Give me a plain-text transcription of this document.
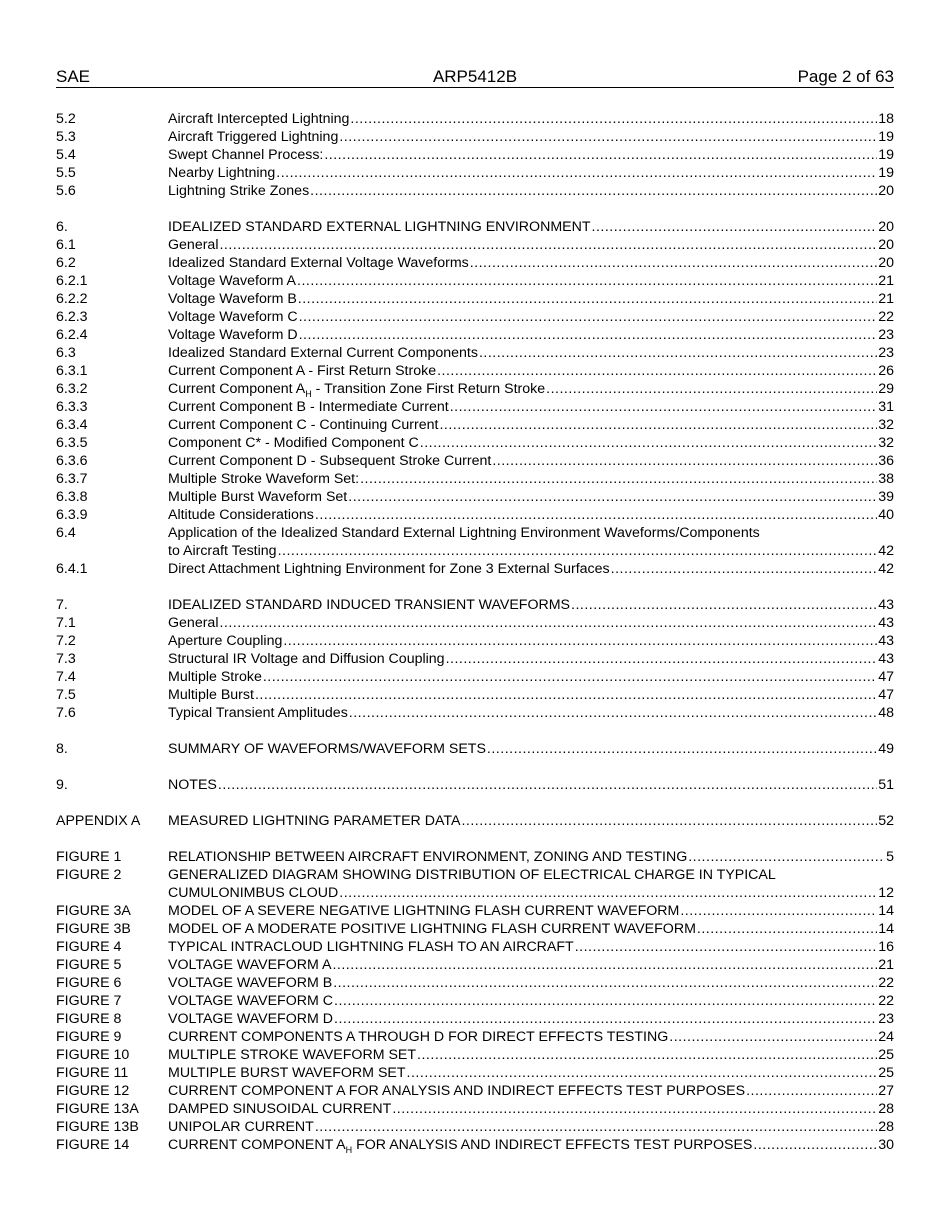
ARP5412B
SAE	Page 2 of 63
5.2	Aircraft Intercepted Lightning .....	18
5.3	Aircraft Triggered Lightning .....	19
5.4	Swept Channel Process: .....	19
5.5	Nearby Lightning .....	19
5.6	Lightning Strike Zones .....	20
6.	IDEALIZED STANDARD EXTERNAL LIGHTNING ENVIRONMENT .....	20
6.1	General .....	20
6.2	Idealized Standard External Voltage Waveforms .....	20
6.2.1	Voltage Waveform A .....	21
6.2.2	Voltage Waveform B .....	21
6.2.3	Voltage Waveform C .....	22
6.2.4	Voltage Waveform D .....	23
6.3	Idealized Standard External Current Components .....	23
6.3.1	Current Component A - First Return Stroke .....	26
6.3.2	Current Component $A_H$ - Transition Zone First Return Stroke .....	29
6.3.3	Current Component B - Intermediate Current .....	31
6.3.4	Current Component C - Continuing Current .....	32
6.3.5	Component C* - Modified Component C .....	32
6.3.6	Current Component D - Subsequent Stroke Current .....	36
6.3.7	Multiple Stroke Waveform Set: .....	38
6.3.8	Multiple Burst Waveform Set .....	39
6.3.9	Altitude Considerations .....	40
6.4	Application of the Idealized Standard External Lightning Environment Waveforms/Components
to Aircraft Testing .....	42
6.4.1	Direct Attachment Lightning Environment for Zone 3 External Surfaces .....	42
7.	IDEALIZED STANDARD INDUCED TRANSIENT WAVEFORMS .....	43
7.1	General .....	43
7.2	Aperture Coupling .....	43
7.3	Structural IR Voltage and Diffusion Coupling .....	43
7.4	Multiple Stroke .....	47
7.5	Multiple Burst .....	47
7.6	Typical Transient Amplitudes .....	48
8.	SUMMARY OF WAVEFORMS/WAVEFORM SETS .....	49
9.	NOTES .....	51
APPENDIX A MEASURED LIGHTNING PARAMETER DATA .....	52
FIGURE 1	RELATIONSHIP BETWEEN AIRCRAFT ENVIRONMENT, ZONING AND TESTING .....	5
FIGURE 2	GENERALIZED DIAGRAM SHOWING DISTRIBUTION OF ELECTRICAL CHARGE IN TYPICAL
CUMULONIMBUS CLOUD .....	12
FIGURE 3A	MODEL OF A SEVERE NEGATIVE LIGHTNING FLASH CURRENT WAVEFORM .....	14
FIGURE 3B	MODEL OF A MODERATE POSITIVE LIGHTNING FLASH CURRENT WAVEFORM .....	14
FIGURE 4	TYPICAL INTRACLOUD LIGHTNING FLASH TO AN AIRCRAFT .....	16
FIGURE 5	VOLTAGE WAVEFORM A .....	21
FIGURE 6	VOLTAGE WAVEFORM B .....	22
FIGURE 7	VOLTAGE WAVEFORM C .....	22
FIGURE 8	VOLTAGE WAVEFORM D .....	23
FIGURE 9	CURRENT COMPONENTS A THROUGH D FOR DIRECT EFFECTS TESTING .....	24
FIGURE 10	MULTIPLE STROKE WAVEFORM SET .....	25
FIGURE 11	MULTIPLE BURST WAVEFORM SET .....	25
FIGURE 12	CURRENT COMPONENT A FOR ANALYSIS AND INDIRECT EFFECTS TEST PURPOSES .....	27
FIGURE 13A DAMPED SINUSOIDAL CURRENT .....	28
FIGURE 13B UNIPOLAR CURRENT .....	28
FIGURE 14	CURRENT COMPONENT $A_H$ FOR ANALYSIS AND INDIRECT EFFECTS TEST PURPOSES .....	30
